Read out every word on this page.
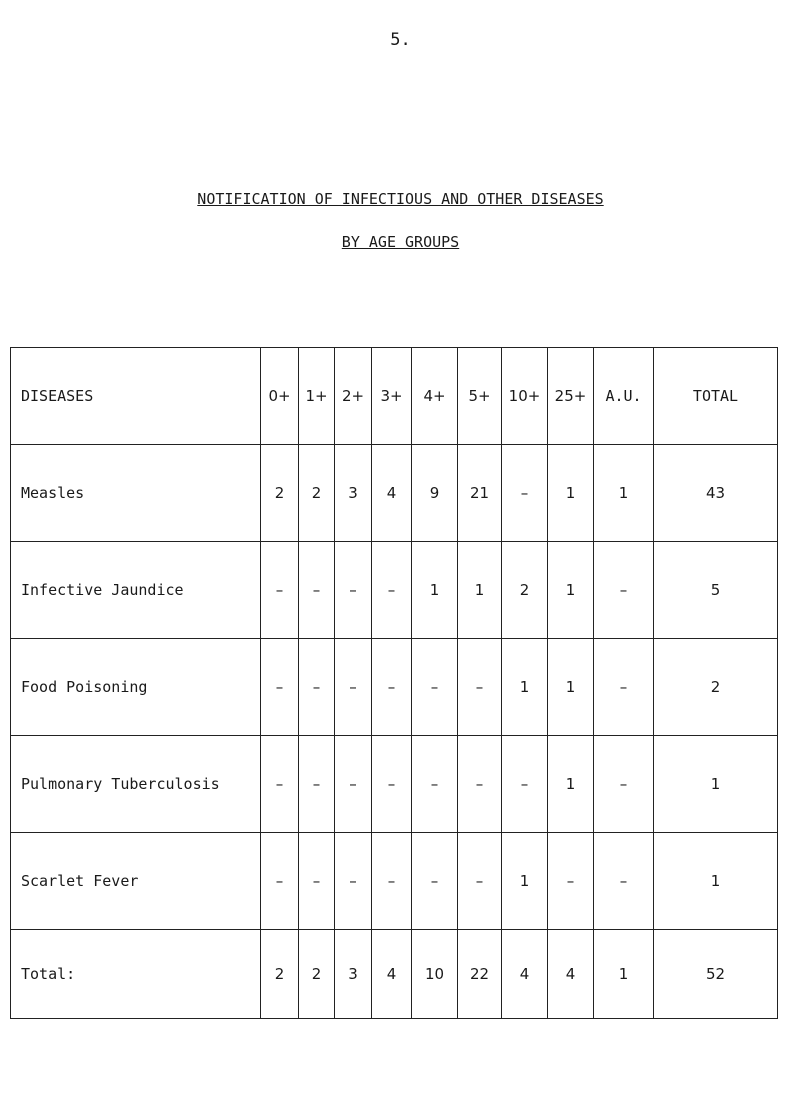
5.
NOTIFICATION OF INFECTIOUS AND OTHER DISEASES
BY AGE GROUPS
DISEASES	0+	1+	2+	3+	4+	5+	10+	25+	A.U.	TOTAL
Measles	2	2	3	4	9	21	–	1	1	43
Infective Jaundice	–	–	–	–	1	1	2	1	–	5
Food Poisoning	–	–	–	–	–	–	1	1	–	2
Pulmonary Tuberculosis	–	–	–	–	–	–	–	1	–	1
Scarlet Fever	–	–	–	–	–	–	1	–	–	1
Total:	2	2	3	4	10	22	4	4	1	52
